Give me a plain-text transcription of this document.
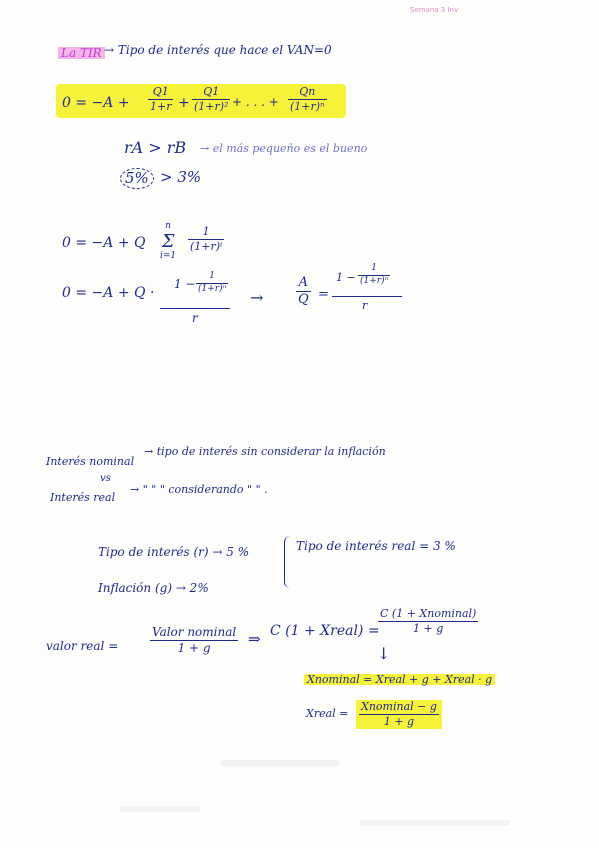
Semana 3 Inv
La TIR → Tipo de interés que hace el VAN=0
0 = −A +
Q1
1+r +
Q1
(1+r)² + . . . +
Qn
(1+r)ⁿ
rA > rB → el más pequeño es el bueno
5% > 3%
0 = −A + Q
n
Σ
i=1
1
(1+r)ⁱ
0 = −A + Q ·
1 −
1
(1+r)ⁿ
r
→
A
Q =
1 −
1
(1+r)ⁿ
r
Interés nominal
→ tipo de interés sin considerar la inflación
vs
Interés real
→ " " " considerando " " .
Tipo de interés (r) → 5 %
Inflación (g) → 2%
Tipo de interés real = 3 %
valor real =
Valor nominal
1 + g
⇒ C (1 + Xreal) =
C (1 + Xnominal)
1 + g
↓
Xnominal = Xreal + g + Xreal · g
Xreal =
Xnominal − g
1 + g
